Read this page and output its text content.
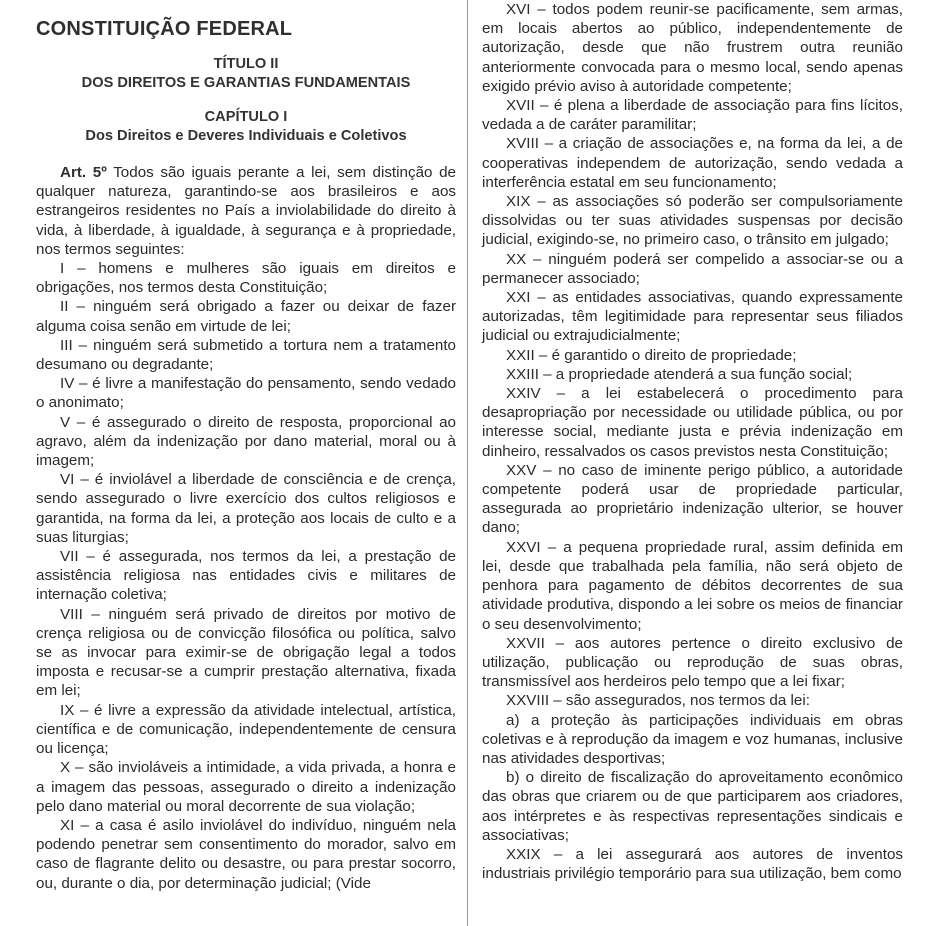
CONSTITUIÇÃO FEDERAL
TÍTULO II
DOS DIREITOS E GARANTIAS FUNDAMENTAIS
CAPÍTULO I
Dos Direitos e Deveres Individuais e Coletivos

Art. 5º Todos são iguais perante a lei, sem distinção de qualquer natureza, garantindo-se aos brasileiros e aos estrangeiros residentes no País a inviolabilidade do direito à vida, à liberdade, à igualdade, à segurança e à propriedade, nos termos seguintes:

I – homens e mulheres são iguais em direitos e obrigações, nos termos desta Constituição;

II – ninguém será obrigado a fazer ou deixar de fazer alguma coisa senão em virtude de lei;

III – ninguém será submetido a tortura nem a tratamento desumano ou degradante;

IV – é livre a manifestação do pensamento, sendo vedado o anonimato;

V – é assegurado o direito de resposta, proporcional ao agravo, além da indenização por dano material, moral ou à imagem;

VI – é inviolável a liberdade de consciência e de crença, sendo assegurado o livre exercício dos cultos religiosos e garantida, na forma da lei, a proteção aos locais de culto e a suas liturgias;

VII – é assegurada, nos termos da lei, a prestação de assistência religiosa nas entidades civis e militares de internação coletiva;

VIII – ninguém será privado de direitos por motivo de crença religiosa ou de convicção filosófica ou política, salvo se as invocar para eximir-se de obrigação legal a todos imposta e recusar-se a cumprir prestação alternativa, fixada em lei;

IX – é livre a expressão da atividade intelectual, artística, científica e de comunicação, independentemente de censura ou licença;

X – são invioláveis a intimidade, a vida privada, a honra e a imagem das pessoas, assegurado o direito a indenização pelo dano material ou moral decorrente de sua violação;

XI – a casa é asilo inviolável do indivíduo, ninguém nela podendo penetrar sem consentimento do morador, salvo em caso de flagrante delito ou desastre, ou para prestar socorro, ou, durante o dia, por determinação judicial; (Vide

XVI – todos podem reunir-se pacificamente, sem armas, em locais abertos ao público, independentemente de autorização, desde que não frustrem outra reunião anteriormente convocada para o mesmo local, sendo apenas exigido prévio aviso à autoridade competente;

XVII – é plena a liberdade de associação para fins lícitos, vedada a de caráter paramilitar;

XVIII – a criação de associações e, na forma da lei, a de cooperativas independem de autorização, sendo vedada a interferência estatal em seu funcionamento;

XIX – as associações só poderão ser compulsoriamente dissolvidas ou ter suas atividades suspensas por decisão judicial, exigindo-se, no primeiro caso, o trânsito em julgado;

XX – ninguém poderá ser compelido a associar-se ou a permanecer associado;

XXI – as entidades associativas, quando expressamente autorizadas, têm legitimidade para representar seus filiados judicial ou extrajudicialmente;

XXII – é garantido o direito de propriedade;

XXIII – a propriedade atenderá a sua função social;

XXIV – a lei estabelecerá o procedimento para desapropriação por necessidade ou utilidade pública, ou por interesse social, mediante justa e prévia indenização em dinheiro, ressalvados os casos previstos nesta Constituição;

XXV – no caso de iminente perigo público, a autoridade competente poderá usar de propriedade particular, assegurada ao proprietário indenização ulterior, se houver dano;

XXVI – a pequena propriedade rural, assim definida em lei, desde que trabalhada pela família, não será objeto de penhora para pagamento de débitos decorrentes de sua atividade produtiva, dispondo a lei sobre os meios de financiar o seu desenvolvimento;

XXVII – aos autores pertence o direito exclusivo de utilização, publicação ou reprodução de suas obras, transmissível aos herdeiros pelo tempo que a lei fixar;

XXVIII – são assegurados, nos termos da lei:

a) a proteção às participações individuais em obras coletivas e à reprodução da imagem e voz humanas, inclusive nas atividades desportivas;

b) o direito de fiscalização do aproveitamento econômico das obras que criarem ou de que participarem aos criadores, aos intérpretes e às respectivas representações sindicais e associativas;

XXIX – a lei assegurará aos autores de inventos industriais privilégio temporário para sua utilização, bem como
